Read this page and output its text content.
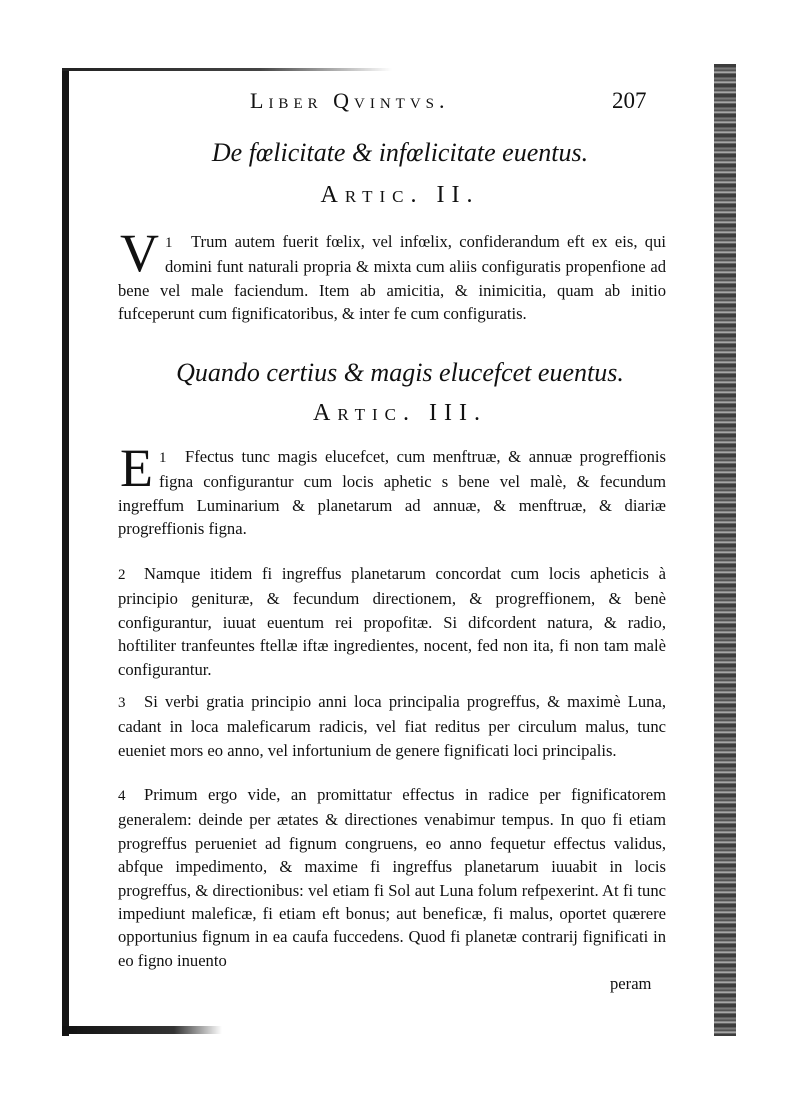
Liber Qvintvs.	207
De fœlicitate & infœlicitate euentus.
Artic. II.
1
V Trum autem fuerit fœlix, vel infœlix, confiderandum eft ex eis, qui domini funt naturali propria & mixta cum aliis configuratis propenfione ad bene vel male faciendum. Item ab amicitia, & inimicitia, quam ab initio fufceperunt cum fignificatoribus, & inter fe cum configuratis.
Quando certius & magis elucefcet euentus.
Artic. III.
1
E Ffectus tunc magis elucefcet, cum menftruæ, & annuæ progreffionis figna configurantur cum locis aphetic s bene vel malè, & fecundum ingreffum Luminarium & planetarum ad annuæ, & menftruæ, & diariæ progreffionis figna.
2 Namque itidem fi ingreffus planetarum concordat cum locis apheticis à principio genituræ, & fecundum directionem, & progreffionem, & benè configurantur, iuuat euentum rei propofitæ. Si difcordent natura, & radio, hoftiliter tranfeuntes ftellæ iftæ ingredientes, nocent, fed non ita, fi non tam malè configurantur.
3 Si verbi gratia principio anni loca principalia progreffus, & maximè Luna, cadant in loca maleficarum radicis, vel fiat reditus per circulum malus, tunc eueniet mors eo anno, vel infortunium de genere fignificati loci principalis.
4 Primum ergo vide, an promittatur effectus in radice per fignificatorem generalem: deinde per ætates & directiones venabimur tempus. In quo fi etiam progreffus perueniet ad fignum congruens, eo anno fequetur effectus validus, abfque impedimento, & maxime fi ingreffus planetarum iuuabit in locis progreffus, & directionibus: vel etiam fi Sol aut Luna folum refpexerint. At fi tunc impediunt maleficæ, fi etiam eft bonus; aut beneficæ, fi malus, oportet quærere opportunius fignum in ea caufa fuccedens. Quod fi planetæ contrarij fignificati in eo figno inuento
peram
